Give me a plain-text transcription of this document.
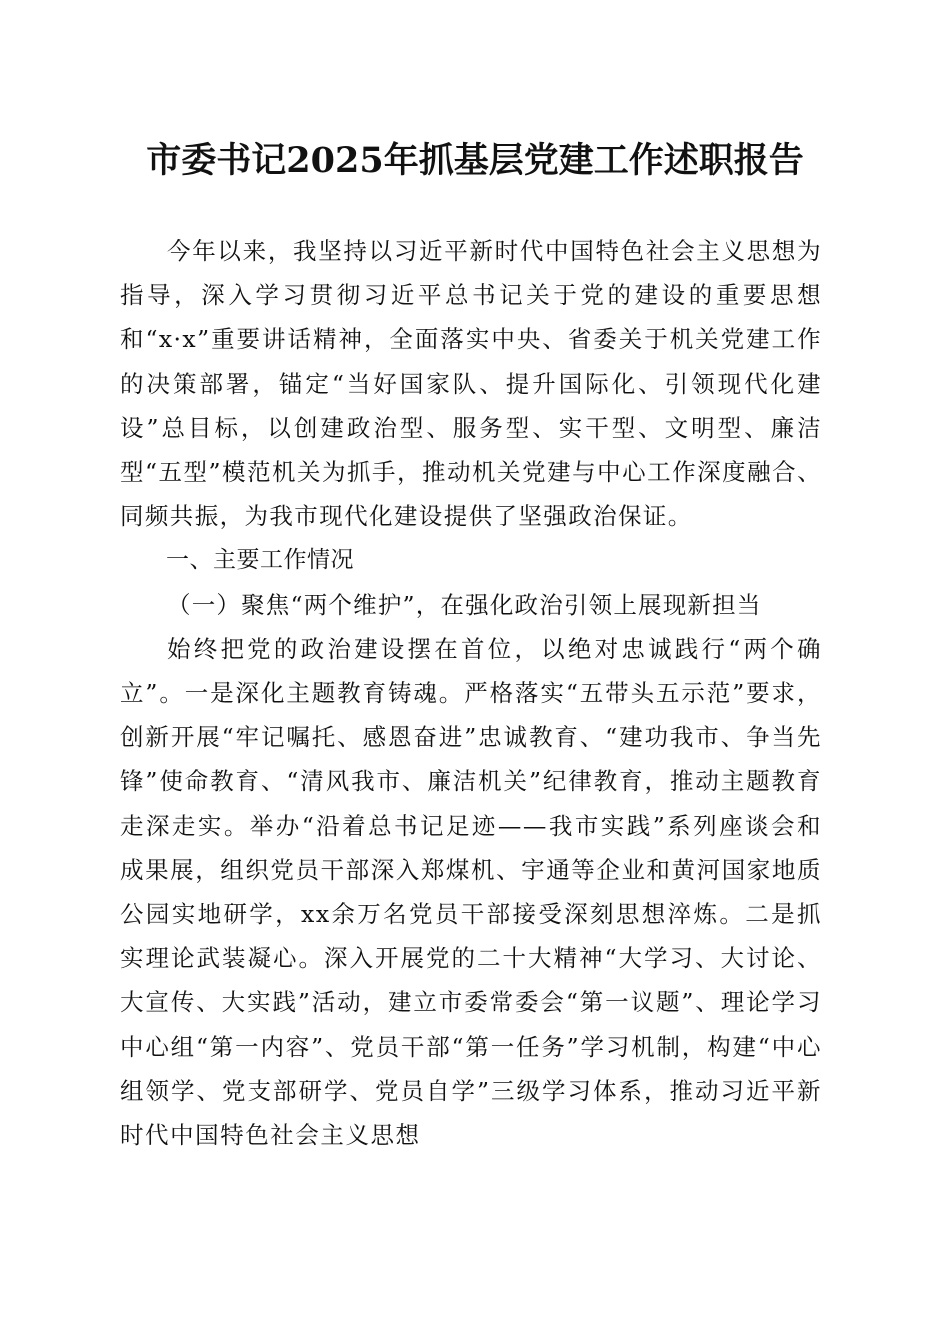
市委书记2025年抓基层党建工作述职报告

今年以来，我坚持以习近平新时代中国特色社会主义思想为指导，深入学习贯彻习近平总书记关于党的建设的重要思想和“x·x”重要讲话精神，全面落实中央、省委关于机关党建工作的决策部署，锚定“当好国家队、提升国际化、引领现代化建设”总目标，以创建政治型、服务型、实干型、文明型、廉洁型“五型”模范机关为抓手，推动机关党建与中心工作深度融合、同频共振，为我市现代化建设提供了坚强政治保证。

一、主要工作情况

（一）聚焦“两个维护”，在强化政治引领上展现新担当

始终把党的政治建设摆在首位，以绝对忠诚践行“两个确立”。一是深化主题教育铸魂。严格落实“五带头五示范”要求，创新开展“牢记嘱托、感恩奋进”忠诚教育、“建功我市、争当先锋”使命教育、“清风我市、廉洁机关”纪律教育，推动主题教育走深走实。举办“沿着总书记足迹——我市实践”系列座谈会和成果展，组织党员干部深入郑煤机、宇通等企业和黄河国家地质公园实地研学，xx余万名党员干部接受深刻思想淬炼。二是抓实理论武装凝心。深入开展党的二十大精神“大学习、大讨论、大宣传、大实践”活动，建立市委常委会“第一议题”、理论学习中心组“第一内容”、党员干部“第一任务”学习机制，构建“中心组领学、党支部研学、党员自学”三级学习体系，推动习近平新时代中国特色社会主义思想
